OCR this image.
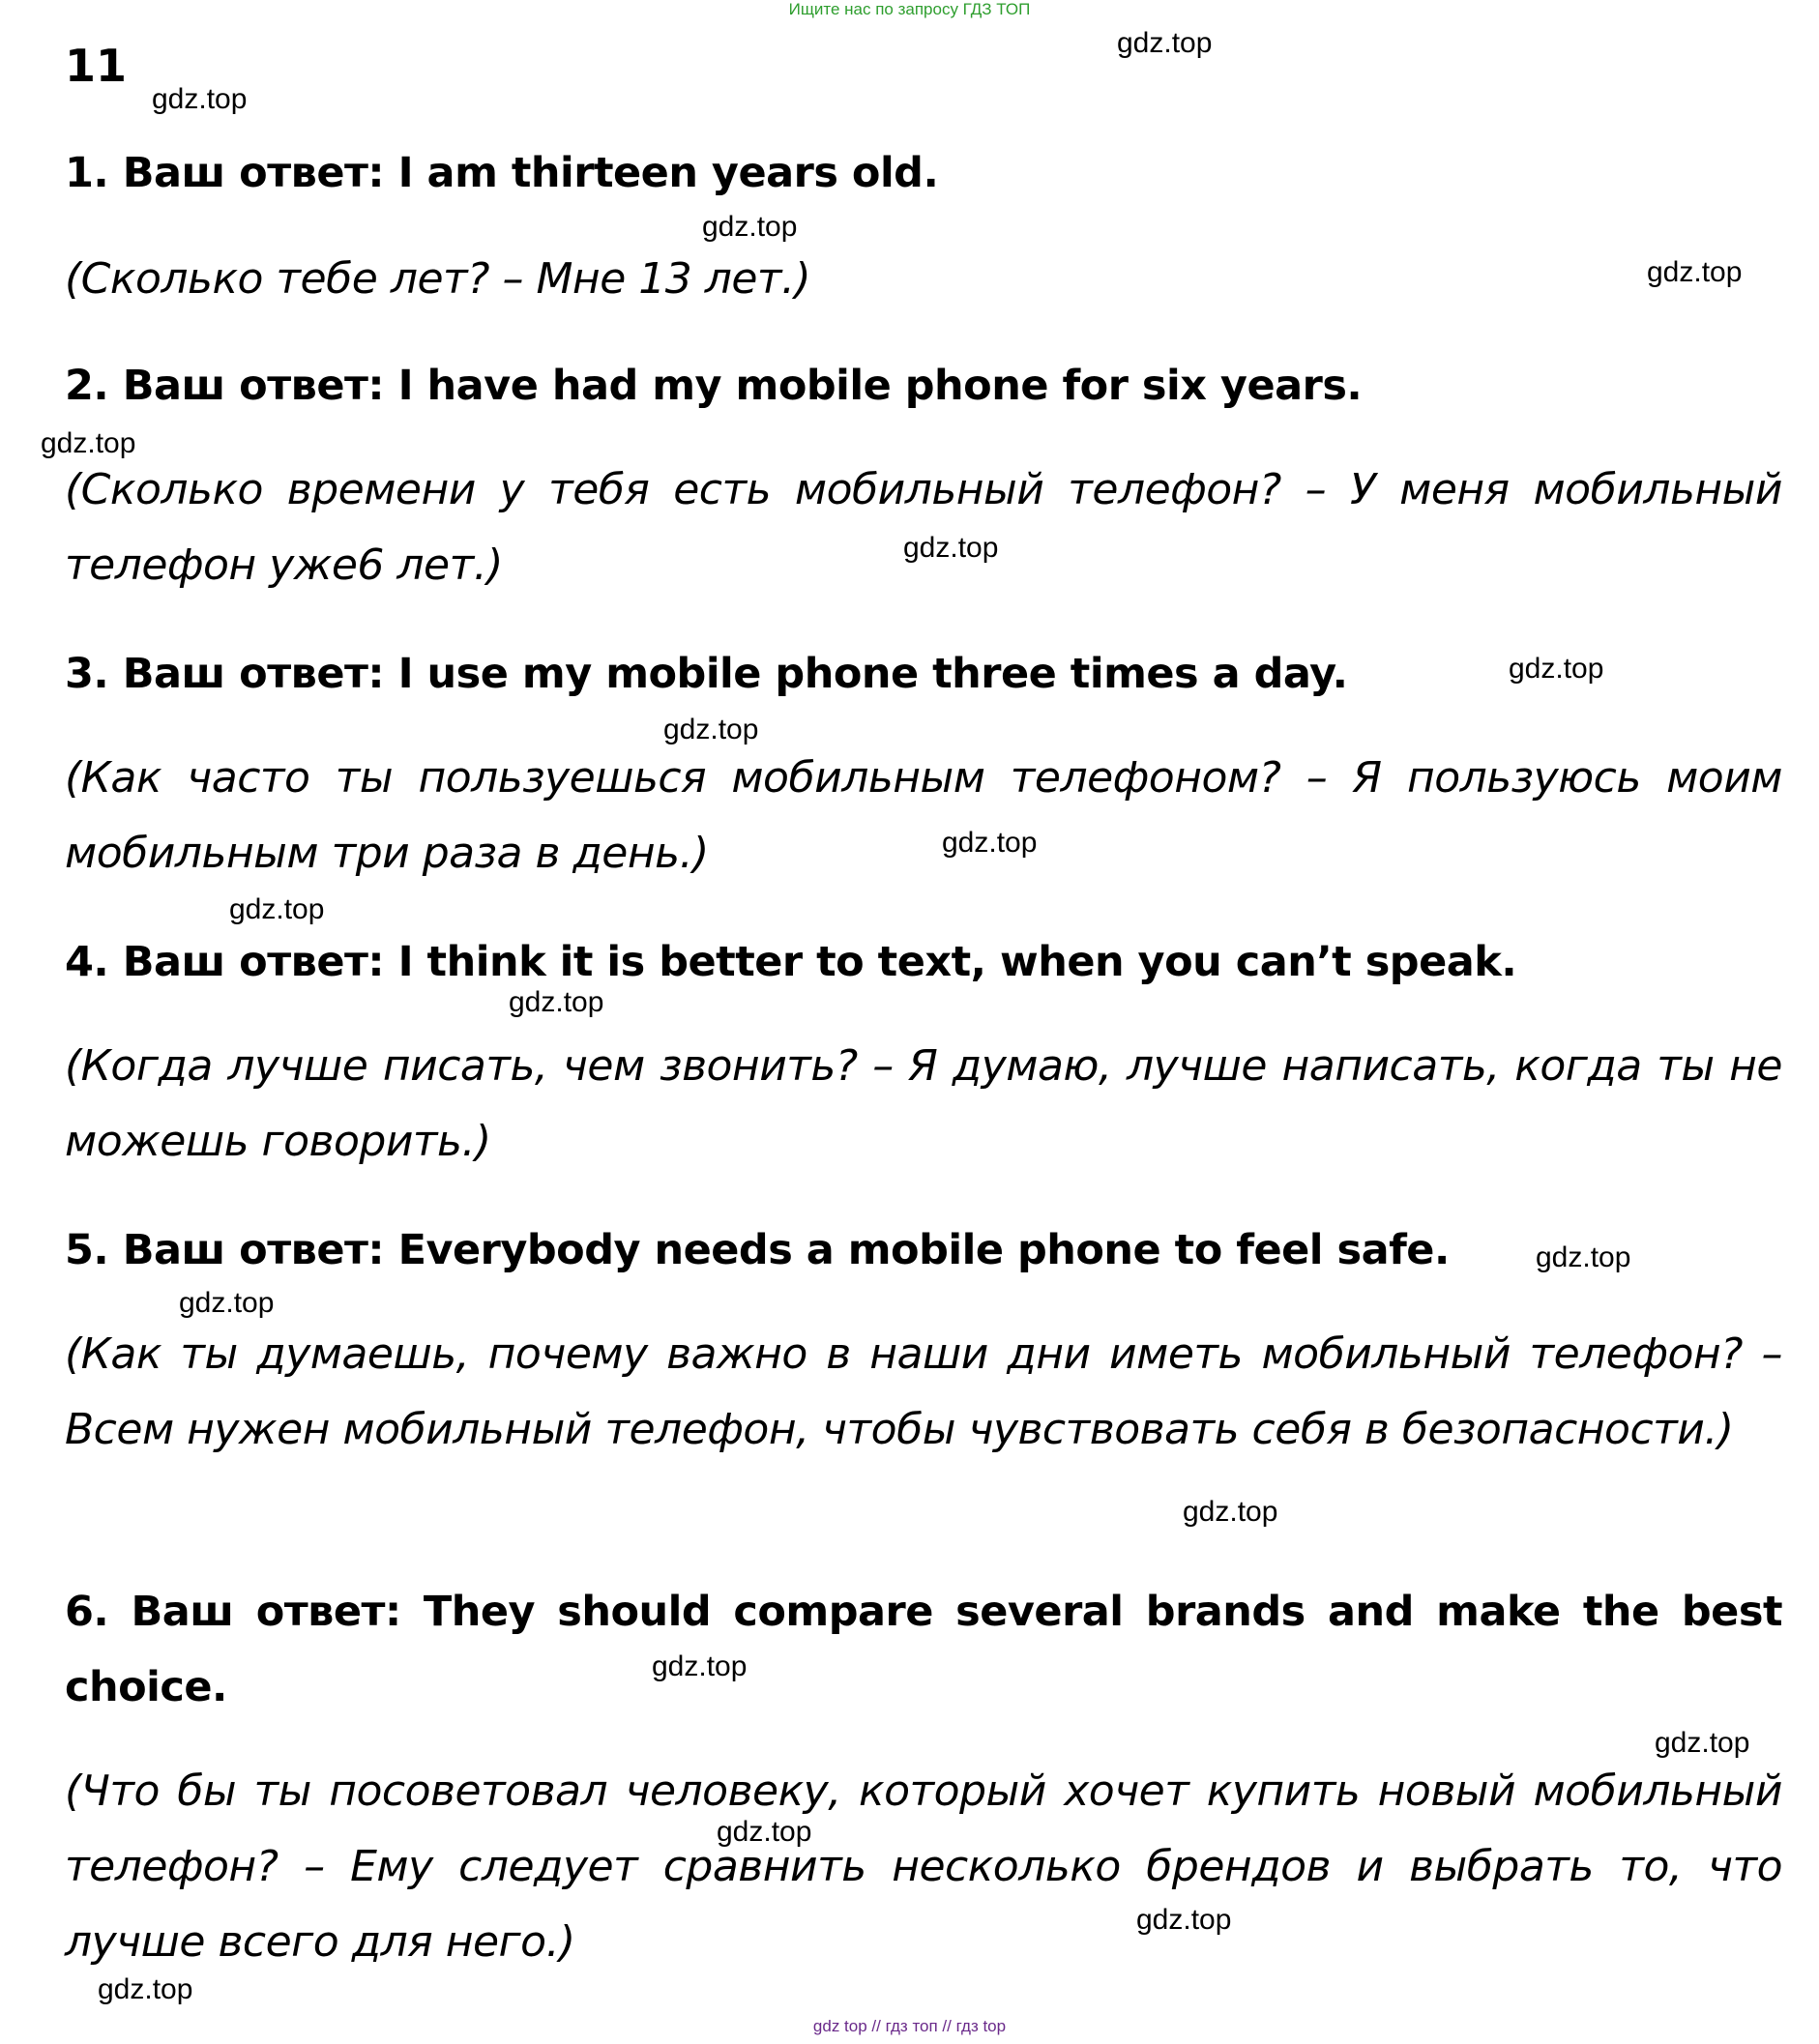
Ищите нас по запросу ГДЗ ТОП
11
1. Ваш ответ: I am thirteen years old.
(Сколько тебе лет? – Мне 13 лет.)
2. Ваш ответ: I have had my mobile phone for six years.
(Сколько времени у тебя есть мобильный телефон? – У меня мобильный телефон уже6 лет.)
3. Ваш ответ: I use my mobile phone three times a day.
(Как часто ты пользуешься мобильным телефоном? – Я пользуюсь моим мобильным три раза в день.)
4. Ваш ответ: I think it is better to text, when you can’t speak.
(Когда лучше писать, чем звонить? – Я думаю, лучше написать, когда ты не можешь говорить.)
5. Ваш ответ: Everybody needs a mobile phone to feel safe.
(Как ты думаешь, почему важно в наши дни иметь мобильный телефон? – Всем нужен мобильный телефон, чтобы чувствовать себя в безопасности.)
6. Ваш ответ: They should compare several brands and make the best choice.
(Что бы ты посоветовал человеку, который хочет купить новый мобильный телефон? – Ему следует сравнить несколько брендов и выбрать то, что лучше всего для него.)
gdz.top
gdz.top
gdz.top
gdz.top
gdz.top
gdz.top
gdz.top
gdz.top
gdz.top
gdz.top
gdz.top
gdz.top
gdz.top
gdz.top
gdz.top
gdz.top
gdz.top
gdz.top
gdz.top
gdz top // гдз топ // гдз top
